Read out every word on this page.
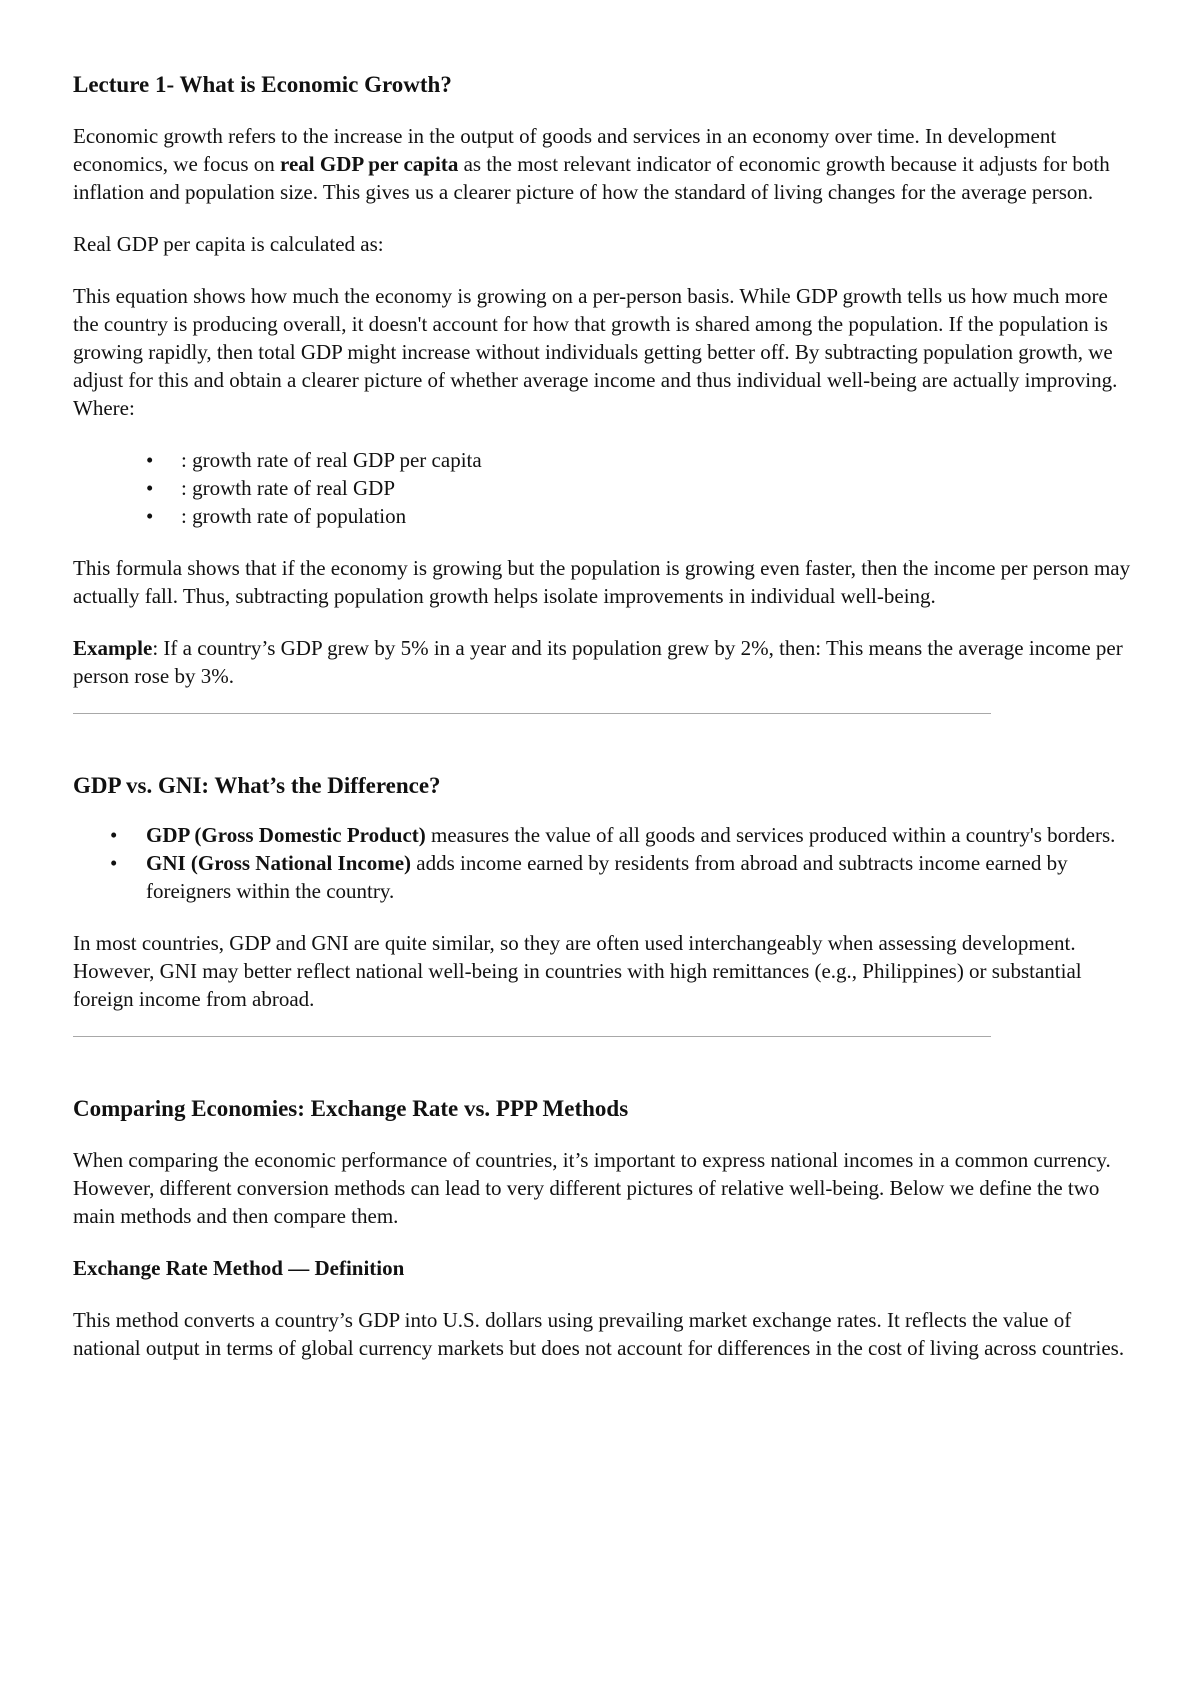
Lecture 1- What is Economic Growth?

Economic growth refers to the increase in the output of goods and services in an economy over time. In development economics, we focus on real GDP per capita as the most relevant indicator of economic growth because it adjusts for both inflation and population size. This gives us a clearer picture of how the standard of living changes for the average person.

Real GDP per capita is calculated as:

This equation shows how much the economy is growing on a per-person basis. While GDP growth tells us how much more the country is producing overall, it doesn't account for how that growth is shared among the population. If the population is growing rapidly, then total GDP might increase without individuals getting better off. By subtracting population growth, we adjust for this and obtain a clearer picture of whether average income and thus individual well-being are actually improving. Where:

• : growth rate of real GDP per capita
• : growth rate of real GDP
• : growth rate of population

This formula shows that if the economy is growing but the population is growing even faster, then the income per person may actually fall. Thus, subtracting population growth helps isolate improvements in individual well-being.

Example: If a country’s GDP grew by 5% in a year and its population grew by 2%, then: This means the average income per person rose by 3%.

GDP vs. GNI: What’s the Difference?
• GDP (Gross Domestic Product) measures the value of all goods and services produced within a country's borders.
• GNI (Gross National Income) adds income earned by residents from abroad and subtracts income earned by foreigners within the country.

In most countries, GDP and GNI are quite similar, so they are often used interchangeably when assessing development. However, GNI may better reflect national well-being in countries with high remittances (e.g., Philippines) or substantial foreign income from abroad.

Comparing Economies: Exchange Rate vs. PPP Methods

When comparing the economic performance of countries, it’s important to express national incomes in a common currency. However, different conversion methods can lead to very different pictures of relative well-being. Below we define the two main methods and then compare them.

Exchange Rate Method — Definition

This method converts a country’s GDP into U.S. dollars using prevailing market exchange rates. It reflects the value of national output in terms of global currency markets but does not account for differences in the cost of living across countries.
